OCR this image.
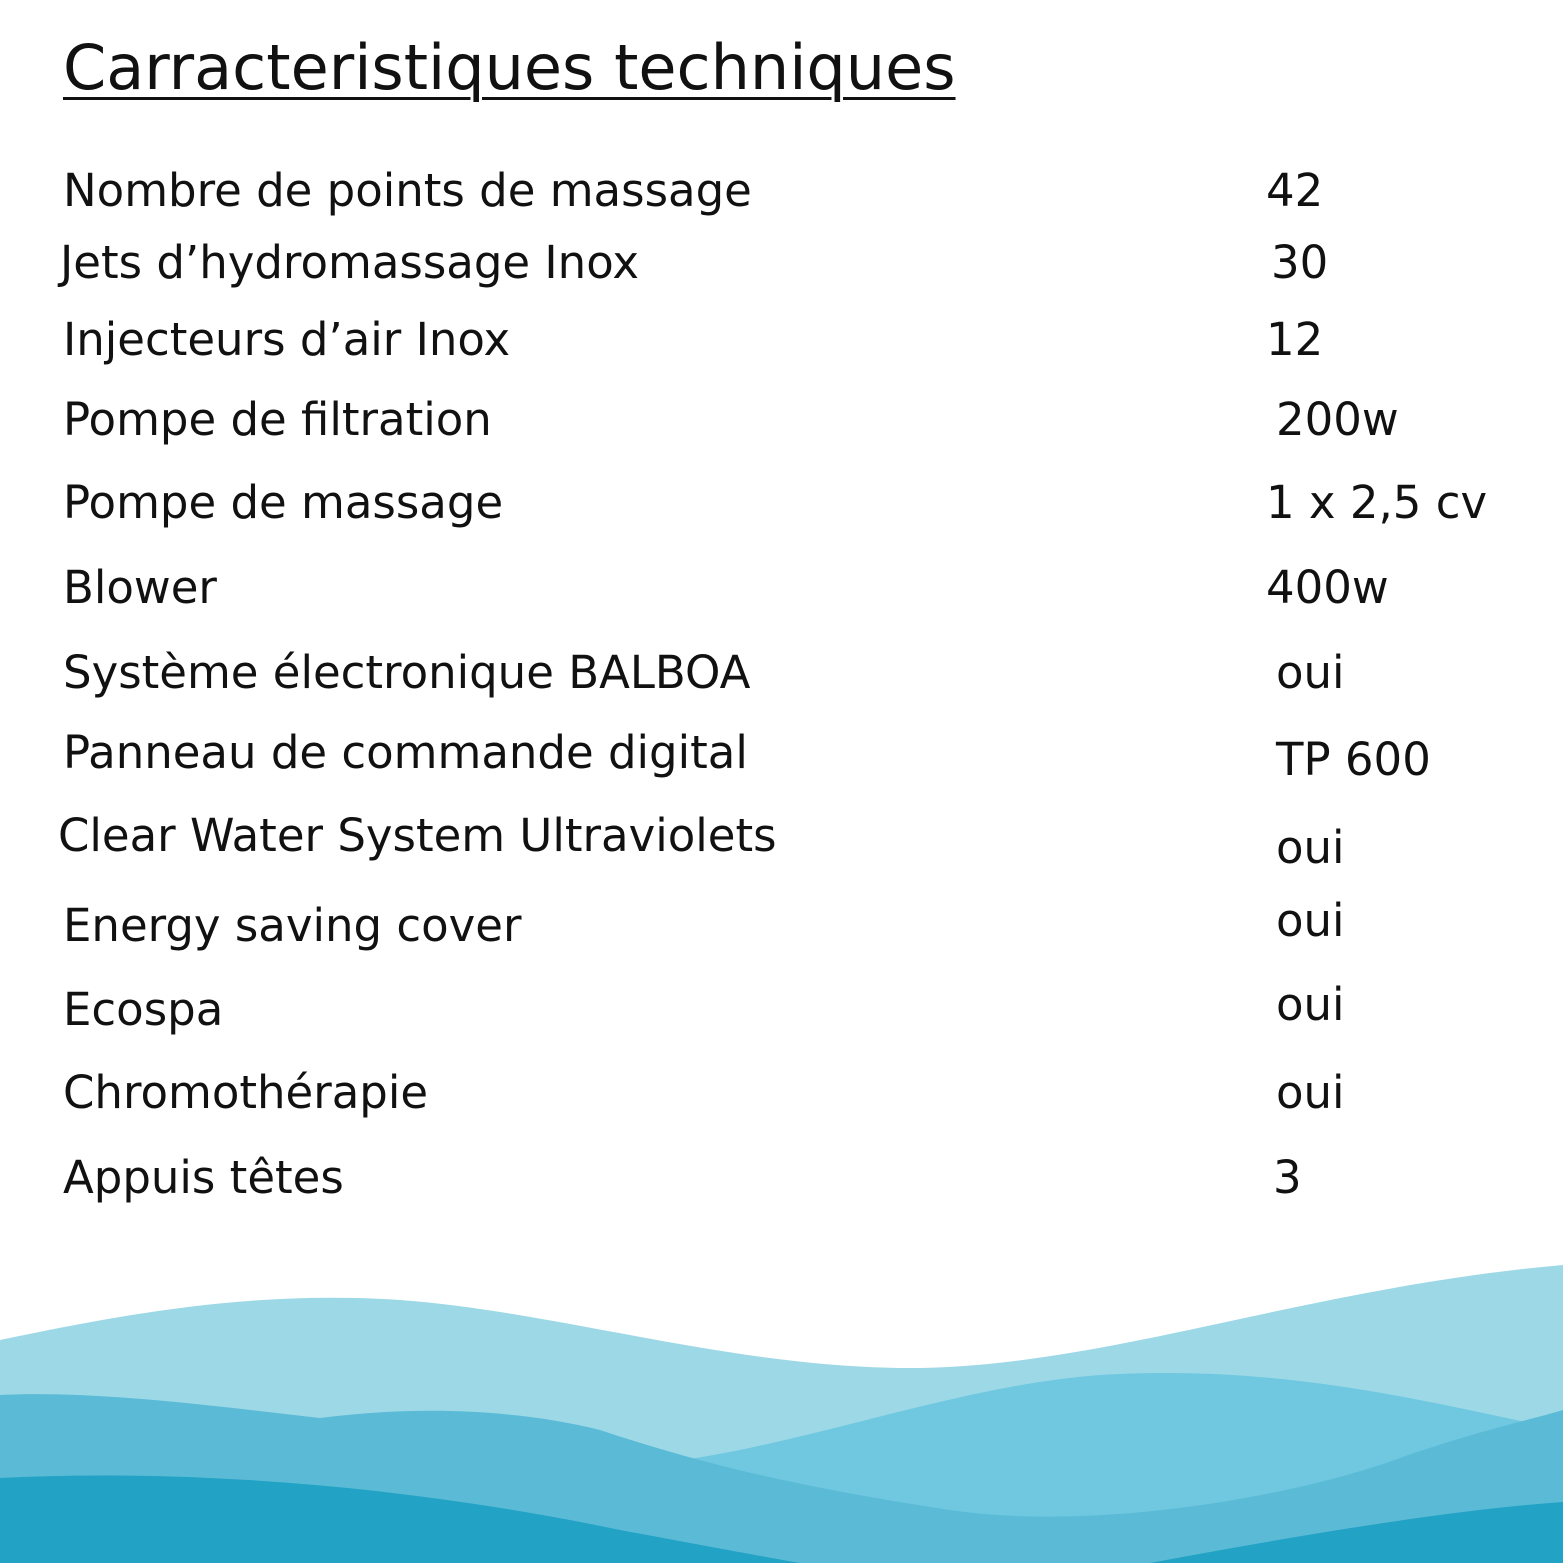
Carracteristiques techniques
Nombre de points de massage	42
Jets d’hydromassage Inox	30
Injecteurs d’air Inox	12
Pompe de filtration	200w
Pompe de massage	1 x 2,5 cv
Blower	400w
Système électronique BALBOA	oui
Panneau de commande digital	TP 600
Clear Water System Ultraviolets	oui
Energy saving cover	oui
Ecospa	oui
Chromothérapie	oui
Appuis têtes	3
